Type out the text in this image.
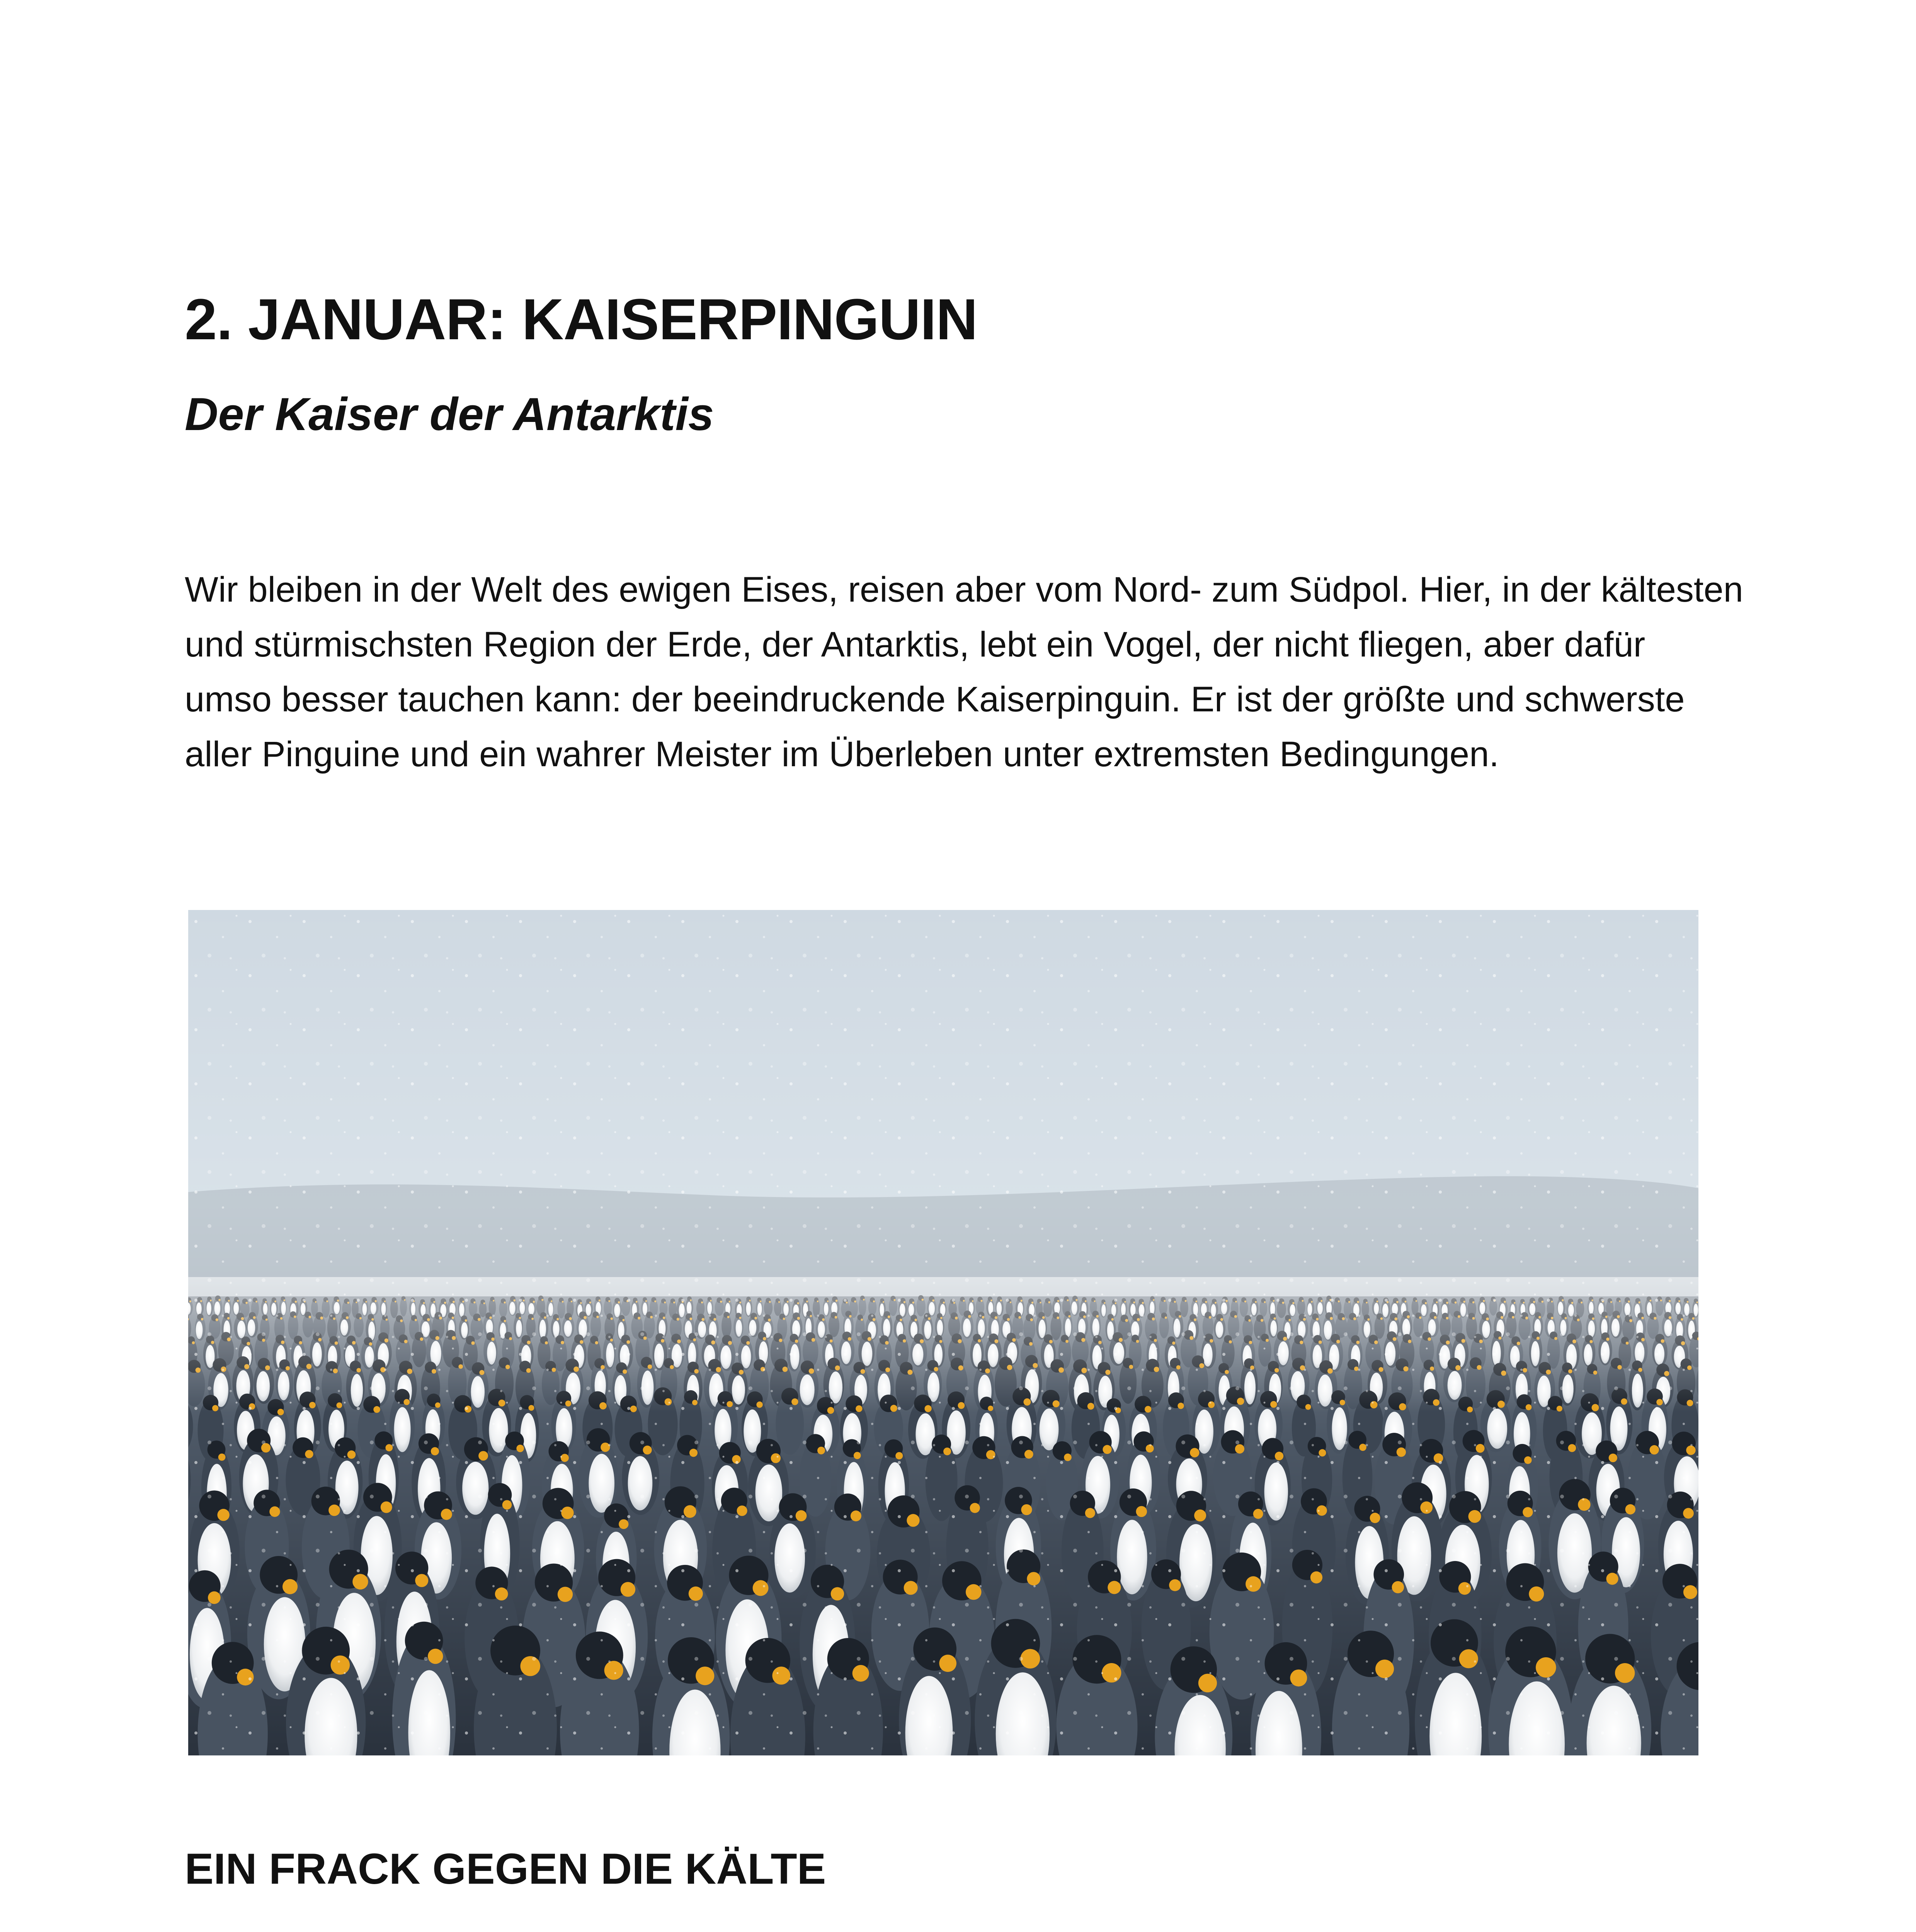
2. JANUAR: KAISERPINGUIN
Der Kaiser der Antarktis

Wir bleiben in der Welt des ewigen Eises, reisen aber vom Nord- zum Südpol. Hier, in der kältesten
und stürmischsten Region der Erde, der Antarktis, lebt ein Vogel, der nicht fliegen, aber dafür
umso besser tauchen kann: der beeindruckende Kaiserpinguin. Er ist der größte und schwerste
aller Pinguine und ein wahrer Meister im Überleben unter extremsten Bedingungen.

EIN FRACK GEGEN DIE KÄLTE
